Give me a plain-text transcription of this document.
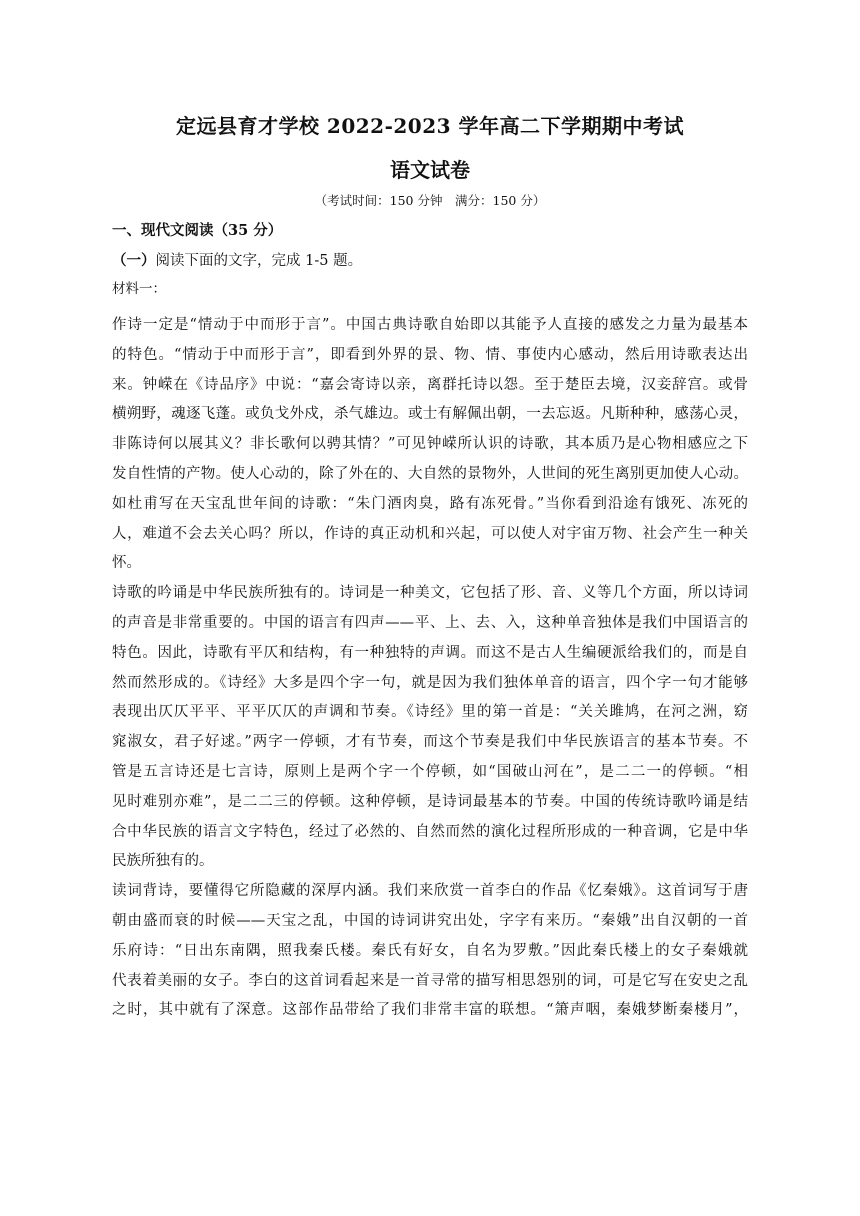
定远县育才学校 2022-2023 学年高二下学期期中考试
语文试卷
（考试时间：150 分钟　满分：150 分）
一、现代文阅读（35 分）
（一）阅读下面的文字，完成 1-5 题。
材料一：
作诗一定是“情动于中而形于言”。中国古典诗歌自始即以其能予人直接的感发之力量为最基本
的特色。“情动于中而形于言”，即看到外界的景、物、情、事使内心感动，然后用诗歌表达出
来。钟嵘在《诗品序》中说：“嘉会寄诗以亲，离群托诗以怨。至于楚臣去境，汉妾辞宫。或骨
横朔野，魂逐飞蓬。或负戈外戍，杀气雄边。或士有解佩出朝，一去忘返。凡斯种种，感荡心灵，
非陈诗何以展其义？非长歌何以骋其情？”可见钟嵘所认识的诗歌，其本质乃是心物相感应之下
发自性情的产物。使人心动的，除了外在的、大自然的景物外，人世间的死生离别更加使人心动。
如杜甫写在天宝乱世年间的诗歌：“朱门酒肉臭，路有冻死骨。”当你看到沿途有饿死、冻死的
人，难道不会去关心吗？所以，作诗的真正动机和兴起，可以使人对宇宙万物、社会产生一种关
怀。
诗歌的吟诵是中华民族所独有的。诗词是一种美文，它包括了形、音、义等几个方面，所以诗词
的声音是非常重要的。中国的语言有四声——平、上、去、入，这种单音独体是我们中国语言的
特色。因此，诗歌有平仄和结构，有一种独特的声调。而这不是古人生编硬派给我们的，而是自
然而然形成的。《诗经》大多是四个字一句，就是因为我们独体单音的语言，四个字一句才能够
表现出仄仄平平、平平仄仄的声调和节奏。《诗经》里的第一首是：“关关雎鸠，在河之洲，窈
窕淑女，君子好逑。”两字一停顿，才有节奏，而这个节奏是我们中华民族语言的基本节奏。不
管是五言诗还是七言诗，原则上是两个字一个停顿，如“国破山河在”，是二二一的停顿。“相
见时难别亦难”，是二二三的停顿。这种停顿，是诗词最基本的节奏。中国的传统诗歌吟诵是结
合中华民族的语言文字特色，经过了必然的、自然而然的演化过程所形成的一种音调，它是中华
民族所独有的。
读词背诗，要懂得它所隐藏的深厚内涵。我们来欣赏一首李白的作品《忆秦娥》。这首词写于唐
朝由盛而衰的时候——天宝之乱，中国的诗词讲究出处，字字有来历。“秦娥”出自汉朝的一首
乐府诗：“日出东南隅，照我秦氏楼。秦氏有好女，自名为罗敷。”因此秦氏楼上的女子秦娥就
代表着美丽的女子。李白的这首词看起来是一首寻常的描写相思怨别的词，可是它写在安史之乱
之时，其中就有了深意。这部作品带给了我们非常丰富的联想。“箫声咽，秦娥梦断秦楼月”，
